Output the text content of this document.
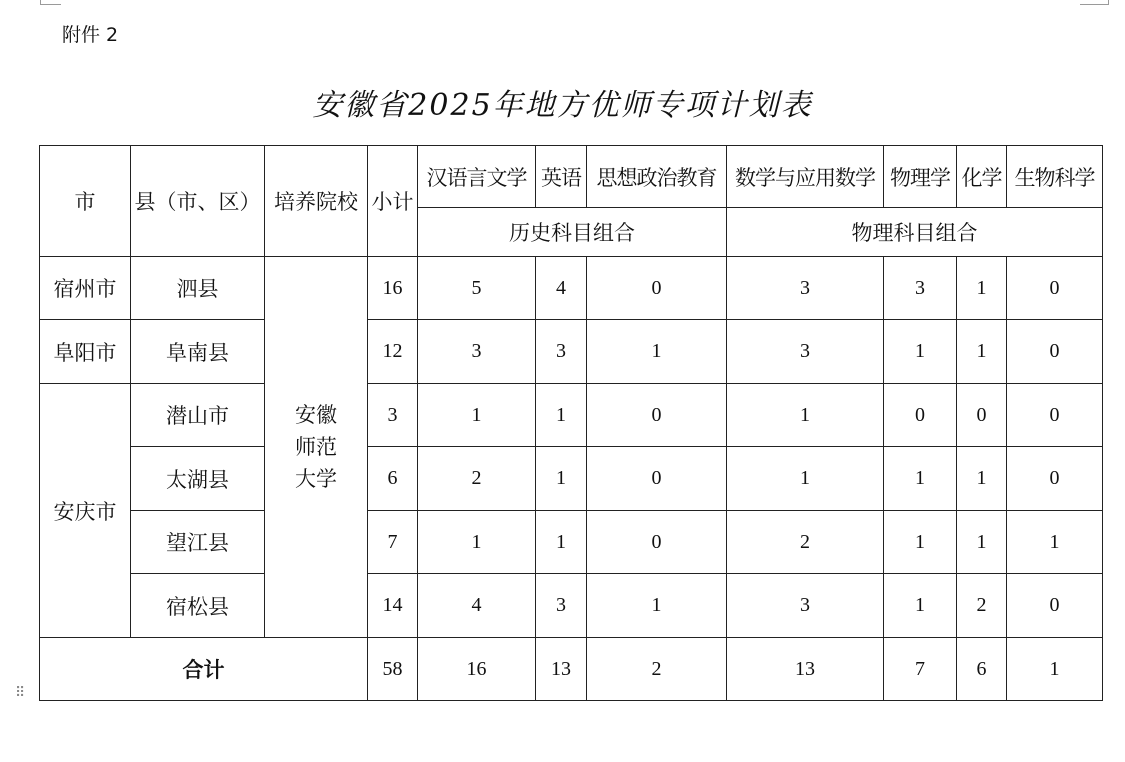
附件 2
安徽省2025年地方优师专项计划表
市	县（市、区）	培养院校	小计	汉语言文学	英语	思想政治教育	数学与应用数学	物理学	化学	生物科学
				历史科目组合			物理科目组合			
宿州市	泗县	安徽师范大学	16	5	4	0	3	3	1	0
阜阳市	阜南县		12	3	3	1	3	1	1	0
安庆市	潜山市		3	1	1	0	1	0	0	0
	太湖县		6	2	1	0	1	1	1	0
	望江县		7	1	1	0	2	1	1	1
	宿松县		14	4	3	1	3	1	2	0
合计			58	16	13	2	13	7	6	1
⠿
